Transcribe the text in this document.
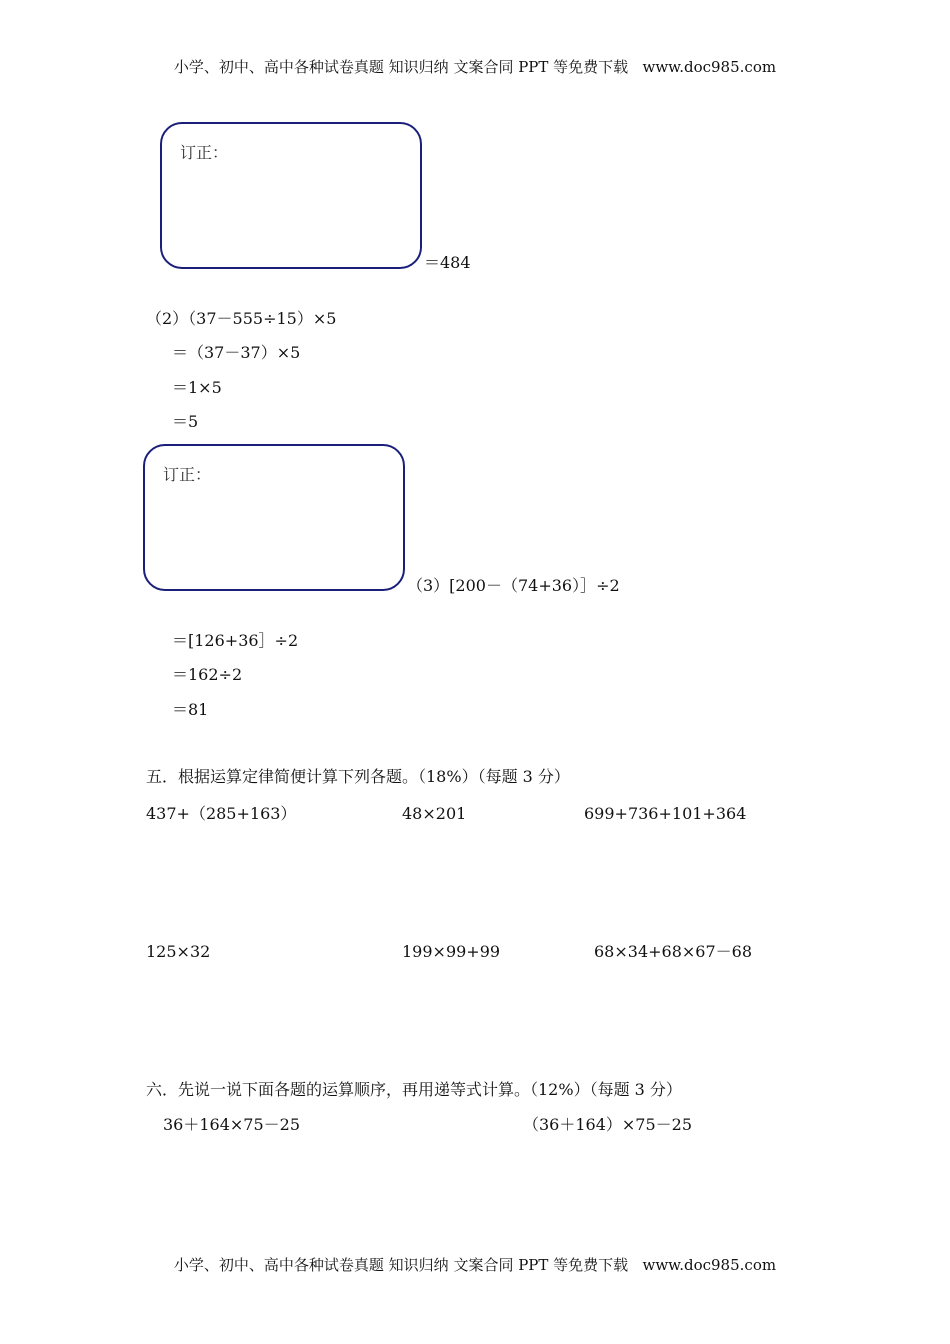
小学、初中、高中各种试卷真题 知识归纳 文案合同 PPT 等免费下载   www.doc985.com
订正：
＝484
（2）（37－555÷15）×5
＝（37－37）×5
＝1×5
＝5
订正：
（3）[200－（74+36）］÷2
＝[126+36］÷2
＝162÷2
＝81
五．根据运算定律简便计算下列各题。（18%）（每题 3 分）
437+（285+163）	48×201	699+736+101+364
125×32	199×99+99	68×34+68×67－68
六．先说一说下面各题的运算顺序，再用递等式计算。（12%）（每题 3 分）
36＋164×75－25	（36＋164）×75－25
小学、初中、高中各种试卷真题 知识归纳 文案合同 PPT 等免费下载   www.doc985.com
